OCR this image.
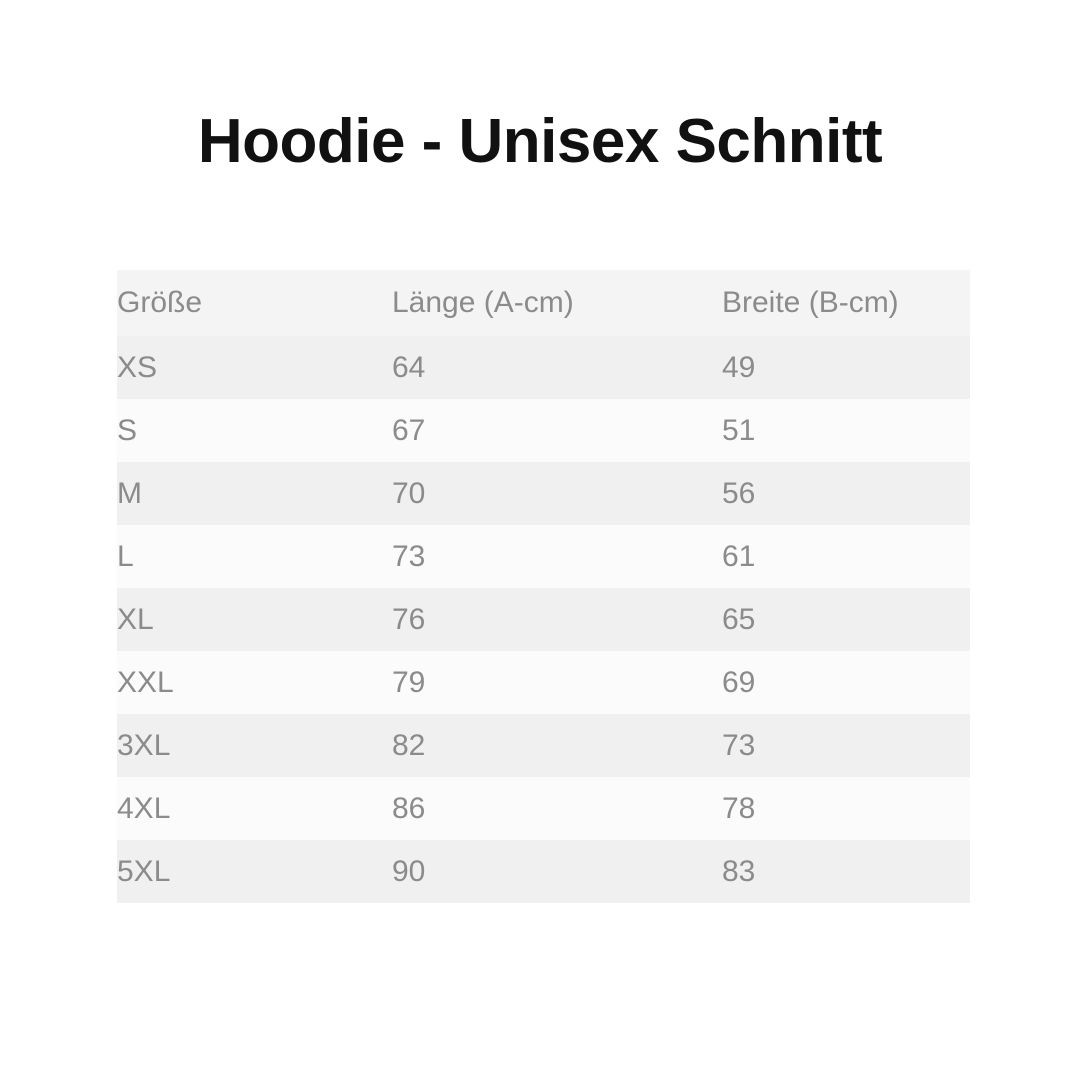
Hoodie - Unisex Schnitt
Größe	Länge (A-cm)	Breite (B-cm)
XS	64	49
S	67	51
M	70	56
L	73	61
XL	76	65
XXL	79	69
3XL	82	73
4XL	86	78
5XL	90	83
